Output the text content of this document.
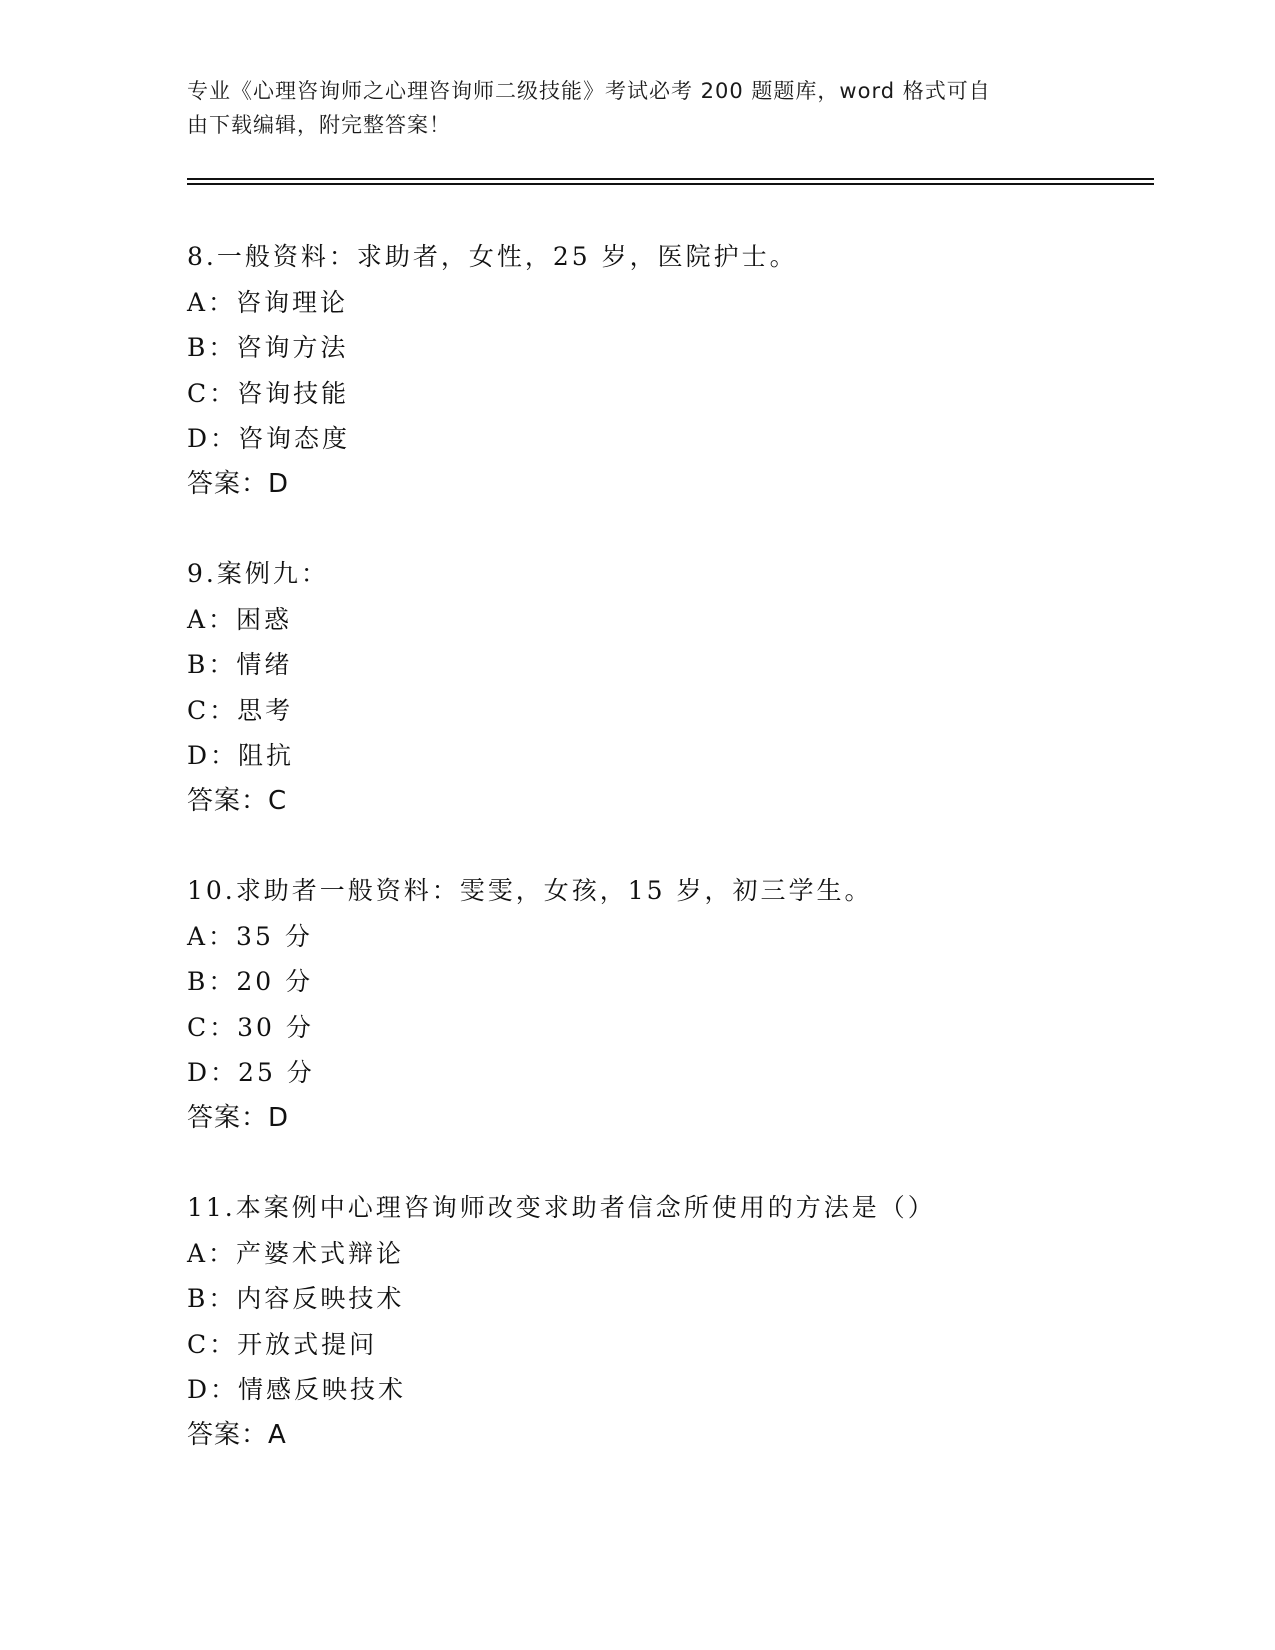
专业《心理咨询师之心理咨询师二级技能》考试必考 200 题题库，word 格式可自
由下载编辑，附完整答案！
8.一般资料：求助者，女性，25 岁，医院护士。
A：咨询理论
B：咨询方法
C：咨询技能
D：咨询态度
答案：D
9.案例九：
A：困惑
B：情绪
C：思考
D：阻抗
答案：C
10.求助者一般资料：雯雯，女孩，15 岁，初三学生。
A：35 分
B：20 分
C：30 分
D：25 分
答案：D
11.本案例中心理咨询师改变求助者信念所使用的方法是（）
A：产婆术式辩论
B：内容反映技术
C：开放式提问
D：情感反映技术
答案：A
